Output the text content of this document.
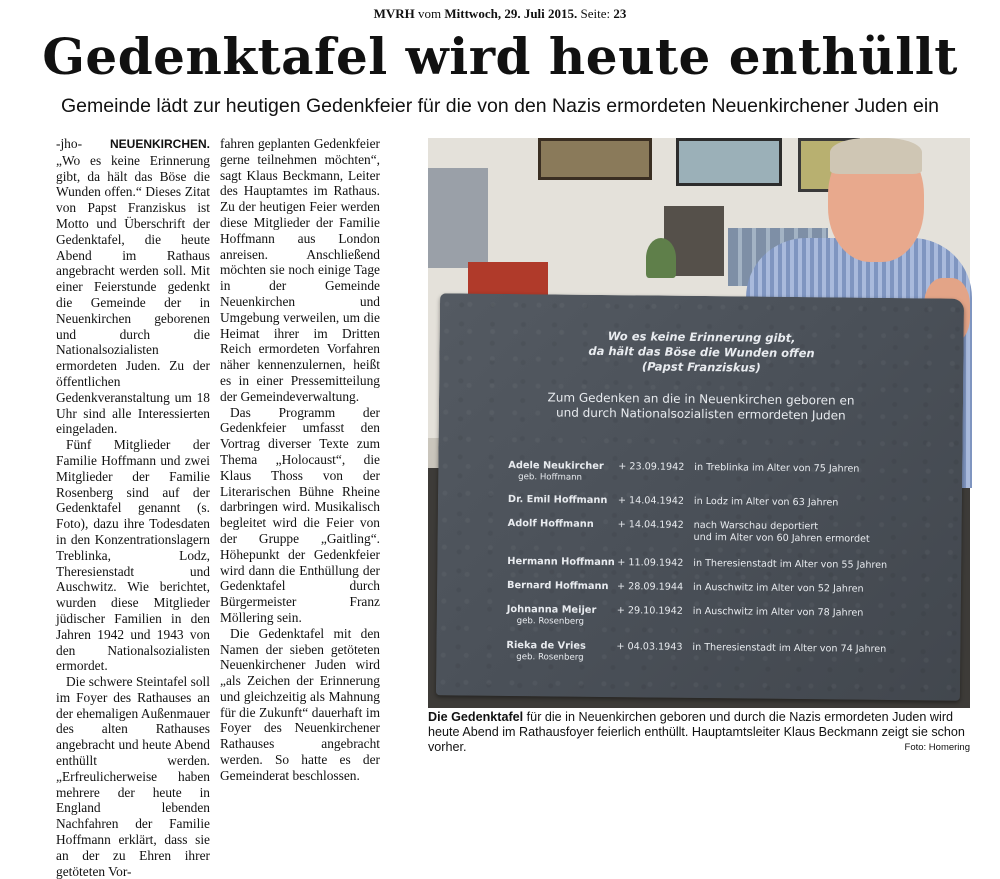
MVRH vom Mittwoch, 29. Juli 2015. Seite: 23
Gedenktafel wird heute enthüllt
Gemeinde lädt zur heutigen Gedenkfeier für die von den Nazis ermordeten Neuenkirchener Juden ein

-jho- NEUENKIRCHEN. „Wo es keine Erinnerung gibt, da hält das Böse die Wunden offen.“ Dieses Zitat von Papst Franziskus ist Motto und Überschrift der Gedenktafel, die heute Abend im Rathaus angebracht werden soll. Mit einer Feierstunde gedenkt die Gemeinde der in Neuenkirchen geborenen und durch die Nationalsozialisten ermordeten Juden. Zu der öffentlichen Gedenkveranstaltung um 18 Uhr sind alle Interessierten eingeladen.

Fünf Mitglieder der Familie Hoffmann und zwei Mitglieder der Familie Rosenberg sind auf der Gedenktafel genannt (s. Foto), dazu ihre Todesdaten in den Konzentrationslagern Treblinka, Lodz, Theresienstadt und Auschwitz. Wie berichtet, wurden diese Mitglieder jüdischer Familien in den Jahren 1942 und 1943 von den Nationalsozialisten ermordet.

Die schwere Steintafel soll im Foyer des Rathauses an der ehemaligen Außenmauer des alten Rathauses angebracht und heute Abend enthüllt werden. „Erfreulicherweise haben mehrere der heute in England lebenden Nachfahren der Familie Hoffmann erklärt, dass sie an der zu Ehren ihrer getöteten Vor-

fahren geplanten Gedenkfeier gerne teilnehmen möchten“, sagt Klaus Beckmann, Leiter des Hauptamtes im Rathaus. Zu der heutigen Feier werden diese Mitglieder der Familie Hoffmann aus London anreisen. Anschließend möchten sie noch einige Tage in der Gemeinde Neuenkirchen und Umgebung verweilen, um die Heimat ihrer im Dritten Reich ermordeten Vorfahren näher kennenzulernen, heißt es in einer Pressemitteilung der Gemeindeverwaltung.

Das Programm der Gedenkfeier umfasst den Vortrag diverser Texte zum Thema „Holocaust“, die Klaus Thoss von der Literarischen Bühne Rheine darbringen wird. Musikalisch begleitet wird die Feier von der Gruppe „Gaitling“. Höhepunkt der Gedenkfeier wird dann die Enthüllung der Gedenktafel durch Bürgermeister Franz Möllering sein.

Die Gedenktafel mit den Namen der sieben getöteten Neuenkirchener Juden wird „als Zeichen der Erinnerung und gleichzeitig als Mahnung für die Zukunft“ dauerhaft im Foyer des Neuenkirchener Rathauses angebracht werden. So hatte es der Gemeinderat beschlossen.

Wo es keine Erinnerung gibt,
da hält das Böse die Wunden offen
(Papst Franziskus)
Zum Gedenken an die in Neuenkirchen geboren en
und durch Nationalsozialisten ermordeten Juden
Adele Neukircher
geb. Hoffmann
+ 23.09.1942 in Treblinka im Alter von 75 Jahren
Dr. Emil Hoffmann + 14.04.1942 in Lodz im Alter von 63 Jahren
Adolf Hoffmann + 14.04.1942 nach Warschau deportiert
und im Alter von 60 Jahren ermordet
Hermann Hoffmann + 11.09.1942 in Theresienstadt im Alter von 55 Jahren
Bernard Hoffmann + 28.09.1944 in Auschwitz im Alter von 52 Jahren
Johnanna Meijer
geb. Rosenberg
+ 29.10.1942 in Auschwitz im Alter von 78 Jahren
Rieka de Vries
geb. Rosenberg
+ 04.03.1943 in Theresienstadt im Alter von 74 Jahren
Die Gedenktafel für die in Neuenkirchen geboren und durch die Nazis ermordeten Juden wird heute Abend im Rathausfoyer feierlich enthüllt. Hauptamtsleiter Klaus Beckmann zeigt sie schon vorher.	Foto: Homering
